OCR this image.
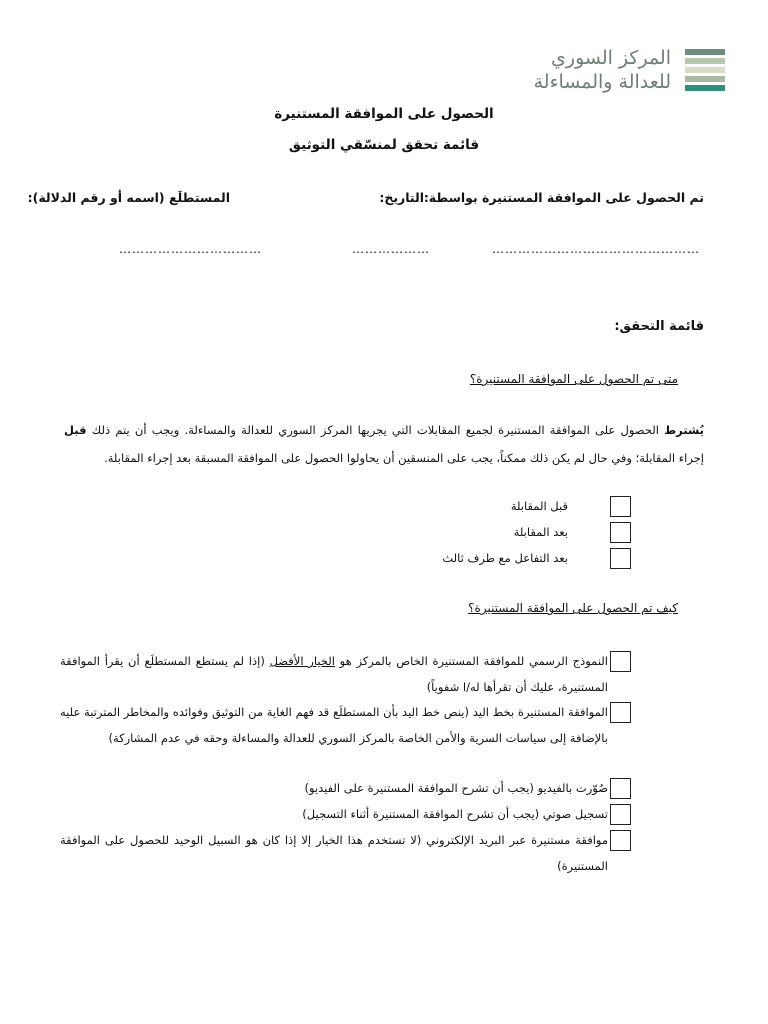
المركز السوري
للعدالة والمساءلة
الحصول على الموافقة المستنيرة
قائمة تحقق لمنسّقي التوثيق
تم الحصول على الموافقة المستنيرة بواسطة:
التاريخ:
المستطلَع (اسمه أو رقم الدلالة):
…………………………………………
………………
……………………………
قائمة التحقق:
متى تم الحصول على الموافقة المستنيرة؟
يُشترط الحصول على الموافقة المستنيرة لجميع المقابلات التي يجريها المركز السوري للعدالة والمساءلة. ويجب أن يتم ذلك قبل إجراء المقابلة؛ وفي حال لم يكن ذلك ممكناً، يجب على المنسقين أن يحاولوا الحصول على الموافقة المسبقة بعد إجراء المقابلة.
قبل المقابلة
بعد المقابلة
بعد التفاعل مع طرف ثالث
كيف تم الحصول على الموافقة المستنيرة؟
النموذج الرسمي للموافقة المستنيرة الخاص بالمركز هو الخيار الأفضل (إذا لم يستطع المستطلَع أن يقرأ الموافقة المستنيرة، عليك أن تقرأها له/ا شفوياً)
الموافقة المستنيرة بخط اليد (ينص خط اليد بأن المستطلَع قد فهم الغاية من التوثيق وفوائده والمخاطر المترتبة عليه بالإضافة إلى سياسات السرية والأمن الخاصة بالمركز السوري للعدالة والمساءلة وحقه في عدم المشاركة)
صُوّرت بالفيديو (يجب أن تشرح الموافقة المستنيرة على الفيديو)
تسجيل صوتي (يجب أن تشرح الموافقة المستنيرة أثناء التسجيل)
موافقة مستنيرة عبر البريد الإلكتروني (لا تستخدم هذا الخيار إلا إذا كان هو السبيل الوحيد للحصول على الموافقة المستنيرة)
